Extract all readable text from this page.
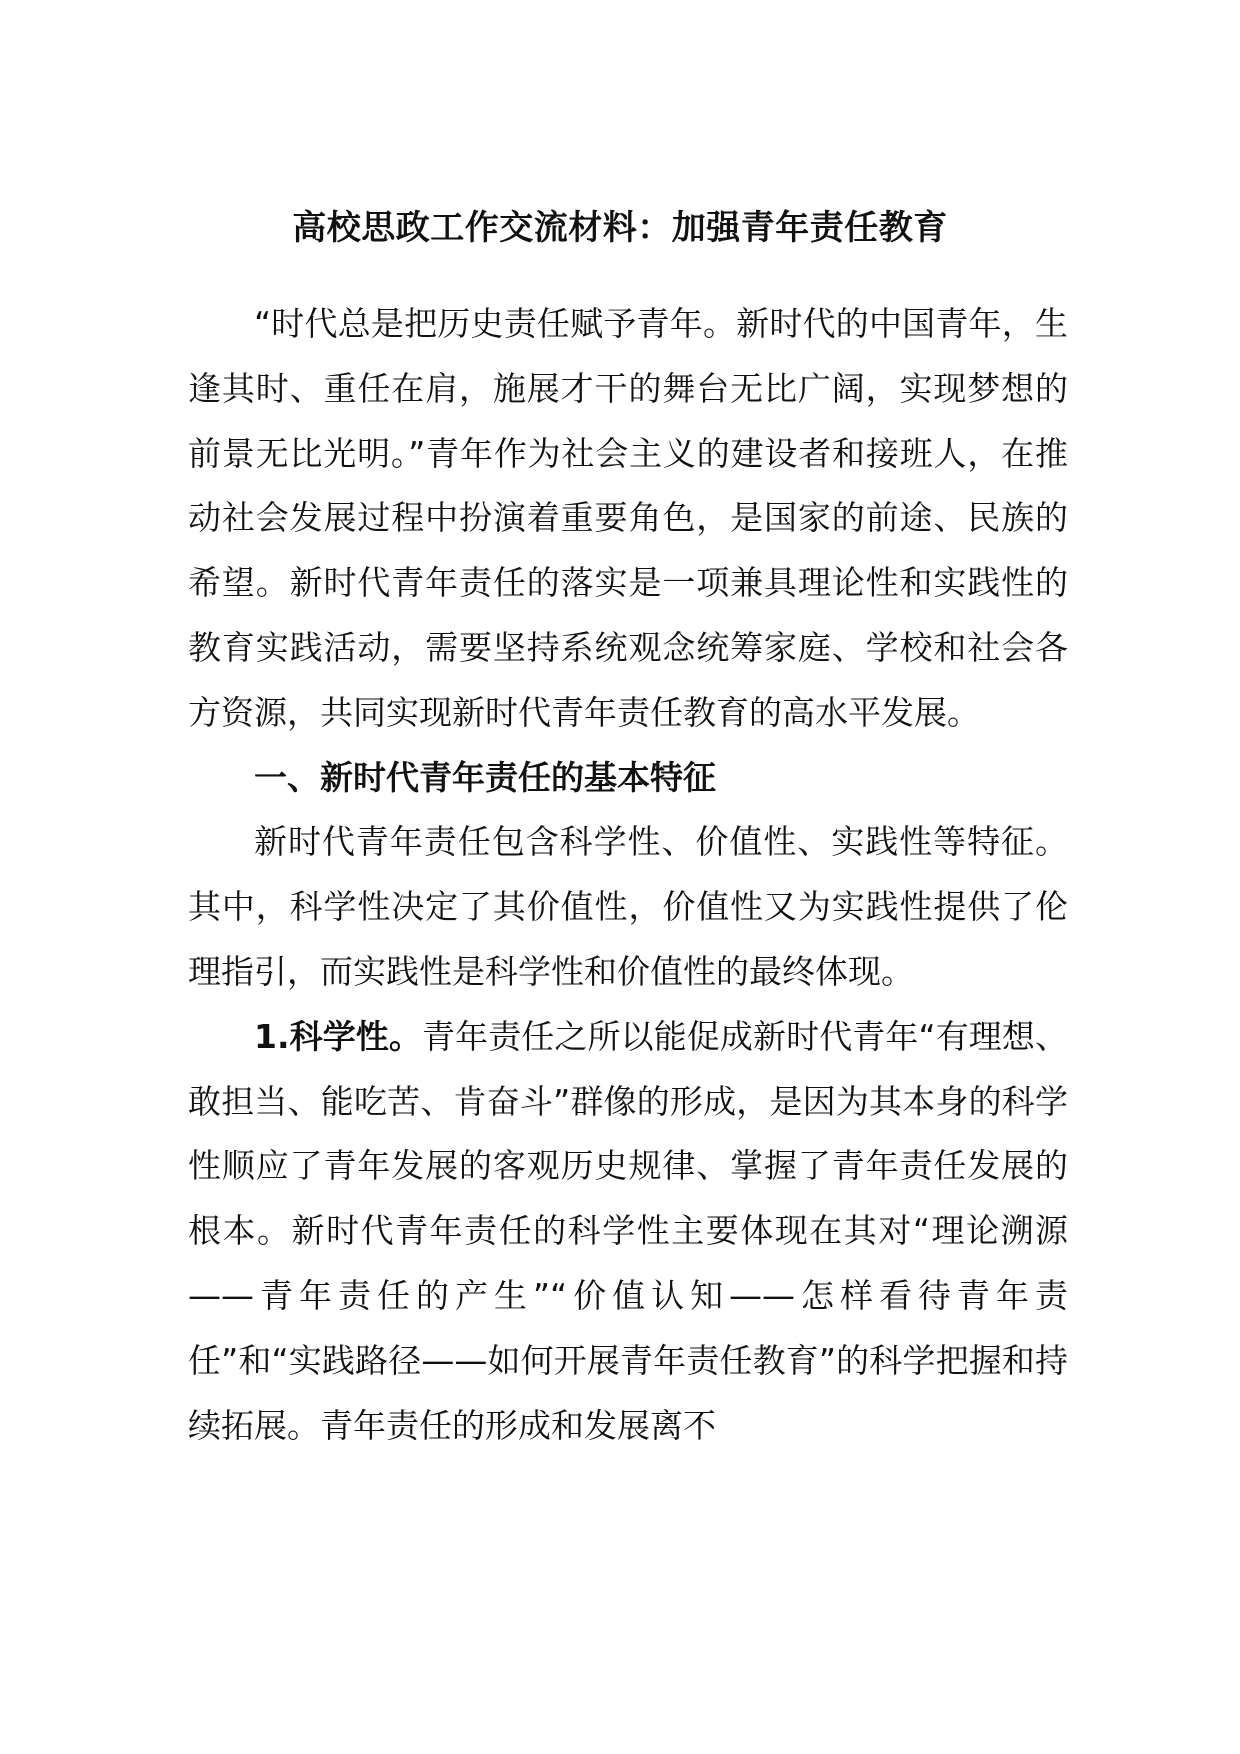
高校思政工作交流材料：加强青年责任教育

“时代总是把历史责任赋予青年。新时代的中国青年，生逢其时、重任在肩，施展才干的舞台无比广阔，实现梦想的前景无比光明。”青年作为社会主义的建设者和接班人，在推动社会发展过程中扮演着重要角色，是国家的前途、民族的希望。新时代青年责任的落实是一项兼具理论性和实践性的教育实践活动，需要坚持系统观念统筹家庭、学校和社会各方资源，共同实现新时代青年责任教育的高水平发展。

一、新时代青年责任的基本特征

新时代青年责任包含科学性、价值性、实践性等特征。其中，科学性决定了其价值性，价值性又为实践性提供了伦理指引，而实践性是科学性和价值性的最终体现。

1.科学性。青年责任之所以能促成新时代青年“有理想、敢担当、能吃苦、肯奋斗”群像的形成，是因为其本身的科学性顺应了青年发展的客观历史规律、掌握了青年责任发展的根本。新时代青年责任的科学性主要体现在其对“理论溯源——青年责任的产生”“价值认知——怎样看待青年责任”和“实践路径——如何开展青年责任教育”的科学把握和持续拓展。青年责任的形成和发展离不
